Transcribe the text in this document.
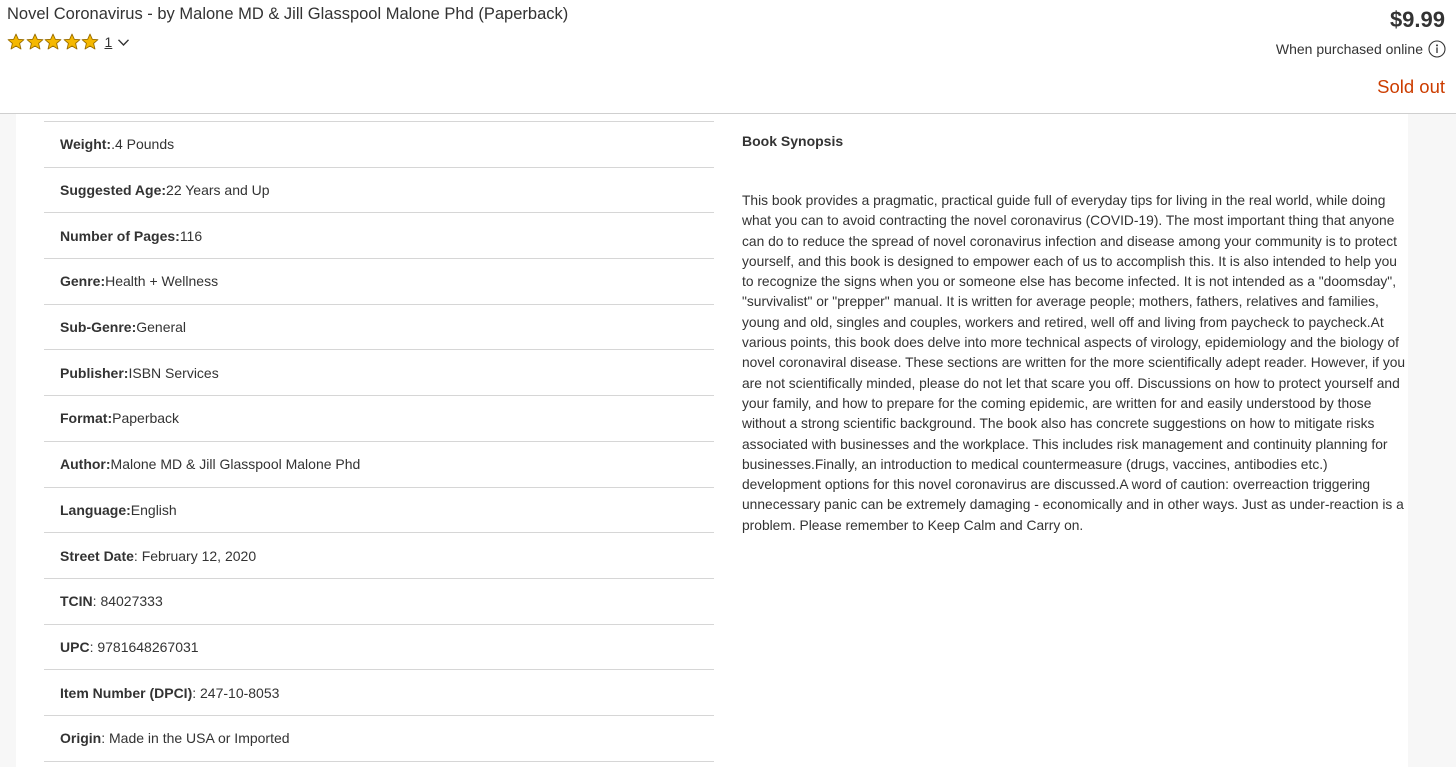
Novel Coronavirus - by Malone MD & Jill Glasspool Malone Phd (Paperback)
1
$9.99
When purchased online
Sold out
Weight: .4 Pounds
Suggested Age: 22 Years and Up
Number of Pages: 116
Genre: Health + Wellness
Sub-Genre: General
Publisher: ISBN Services
Format: Paperback
Author: Malone MD & Jill Glasspool Malone Phd
Language: English
Street Date : February 12, 2020
TCIN : 84027333
UPC : 9781648267031
Item Number (DPCI) : 247-10-8053
Origin : Made in the USA or Imported
Book Synopsis
This book provides a pragmatic, practical guide full of everyday tips for living in the real world, while doing what you can to avoid contracting the novel coronavirus (COVID-19). The most important thing that anyone can do to reduce the spread of novel coronavirus infection and disease among your community is to protect yourself, and this book is designed to empower each of us to accomplish this. It is also intended to help you to recognize the signs when you or someone else has become infected. It is not intended as a "doomsday", "survivalist" or "prepper" manual. It is written for average people; mothers, fathers, relatives and families, young and old, singles and couples, workers and retired, well off and living from paycheck to paycheck.At various points, this book does delve into more technical aspects of virology, epidemiology and the biology of novel coronaviral disease. These sections are written for the more scientifically adept reader. However, if you are not scientifically minded, please do not let that scare you off. Discussions on how to protect yourself and your family, and how to prepare for the coming epidemic, are written for and easily understood by those without a strong scientific background. The book also has concrete suggestions on how to mitigate risks associated with businesses and the workplace. This includes risk management and continuity planning for businesses.Finally, an introduction to medical countermeasure (drugs, vaccines, antibodies etc.) development options for this novel coronavirus are discussed.A word of caution: overreaction triggering unnecessary panic can be extremely damaging - economically and in other ways. Just as under-reaction is a problem. Please remember to Keep Calm and Carry on.
